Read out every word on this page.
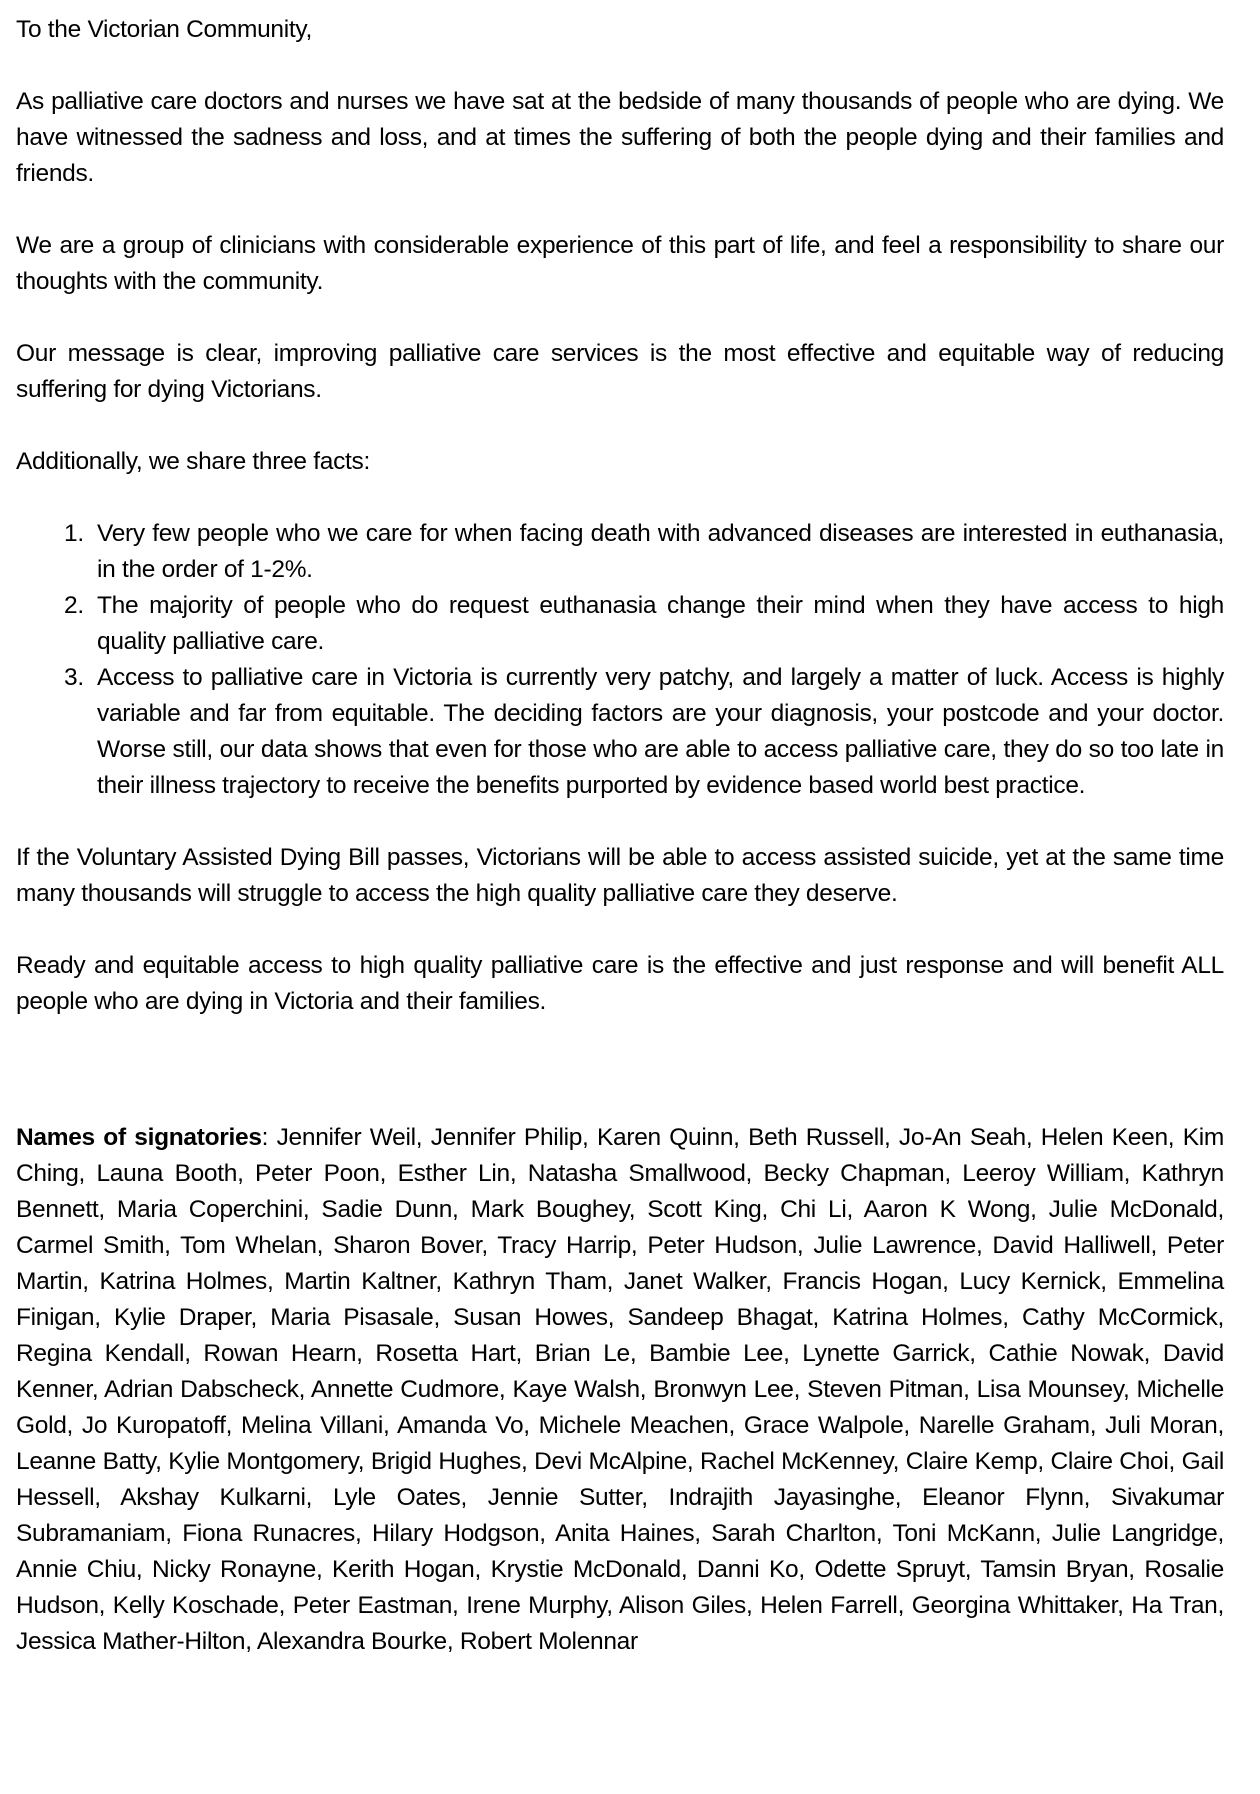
To the Victorian Community,

As palliative care doctors and nurses we have sat at the bedside of many thousands of people who are dying. We have witnessed the sadness and loss, and at times the suffering of both the people dying and their families and friends.

We are a group of clinicians with considerable experience of this part of life, and feel a responsibility to share our thoughts with the community.

Our message is clear, improving palliative care services is the most effective and equitable way of reducing suffering for dying Victorians.

Additionally, we share three facts:

1. Very few people who we care for when facing death with advanced diseases are interested in euthanasia, in the order of 1-2%.
2. The majority of people who do request euthanasia change their mind when they have access to high quality palliative care.
3. Access to palliative care in Victoria is currently very patchy, and largely a matter of luck. Access is highly variable and far from equitable. The deciding factors are your diagnosis, your postcode and your doctor. Worse still, our data shows that even for those who are able to access palliative care, they do so too late in their illness trajectory to receive the benefits purported by evidence based world best practice.

If the Voluntary Assisted Dying Bill passes, Victorians will be able to access assisted suicide, yet at the same time many thousands will struggle to access the high quality palliative care they deserve.

Ready and equitable access to high quality palliative care is the effective and just response and will benefit ALL people who are dying in Victoria and their families.

Names of signatories: Jennifer Weil, Jennifer Philip, Karen Quinn, Beth Russell, Jo-An Seah, Helen Keen, Kim Ching, Launa Booth, Peter Poon, Esther Lin, Natasha Smallwood, Becky Chapman, Leeroy William, Kathryn Bennett, Maria Coperchini, Sadie Dunn, Mark Boughey, Scott King, Chi Li, Aaron K Wong, Julie McDonald, Carmel Smith, Tom Whelan, Sharon Bover, Tracy Harrip, Peter Hudson, Julie Lawrence, David Halliwell, Peter Martin, Katrina Holmes, Martin Kaltner, Kathryn Tham, Janet Walker, Francis Hogan, Lucy Kernick, Emmelina Finigan, Kylie Draper, Maria Pisasale, Susan Howes, Sandeep Bhagat, Katrina Holmes, Cathy McCormick, Regina Kendall, Rowan Hearn, Rosetta Hart, Brian Le, Bambie Lee, Lynette Garrick, Cathie Nowak, David Kenner, Adrian Dabscheck, Annette Cudmore, Kaye Walsh, Bronwyn Lee, Steven Pitman, Lisa Mounsey, Michelle Gold, Jo Kuropatoff, Melina Villani, Amanda Vo, Michele Meachen, Grace Walpole, Narelle Graham, Juli Moran, Leanne Batty, Kylie Montgomery, Brigid Hughes, Devi McAlpine, Rachel McKenney, Claire Kemp, Claire Choi, Gail Hessell, Akshay Kulkarni, Lyle Oates, Jennie Sutter, Indrajith Jayasinghe, Eleanor Flynn, Sivakumar Subramaniam, Fiona Runacres, Hilary Hodgson, Anita Haines, Sarah Charlton, Toni McKann, Julie Langridge, Annie Chiu, Nicky Ronayne, Kerith Hogan, Krystie McDonald, Danni Ko, Odette Spruyt, Tamsin Bryan, Rosalie Hudson, Kelly Koschade, Peter Eastman, Irene Murphy, Alison Giles, Helen Farrell, Georgina Whittaker, Ha Tran, Jessica Mather-Hilton, Alexandra Bourke, Robert Molennar
